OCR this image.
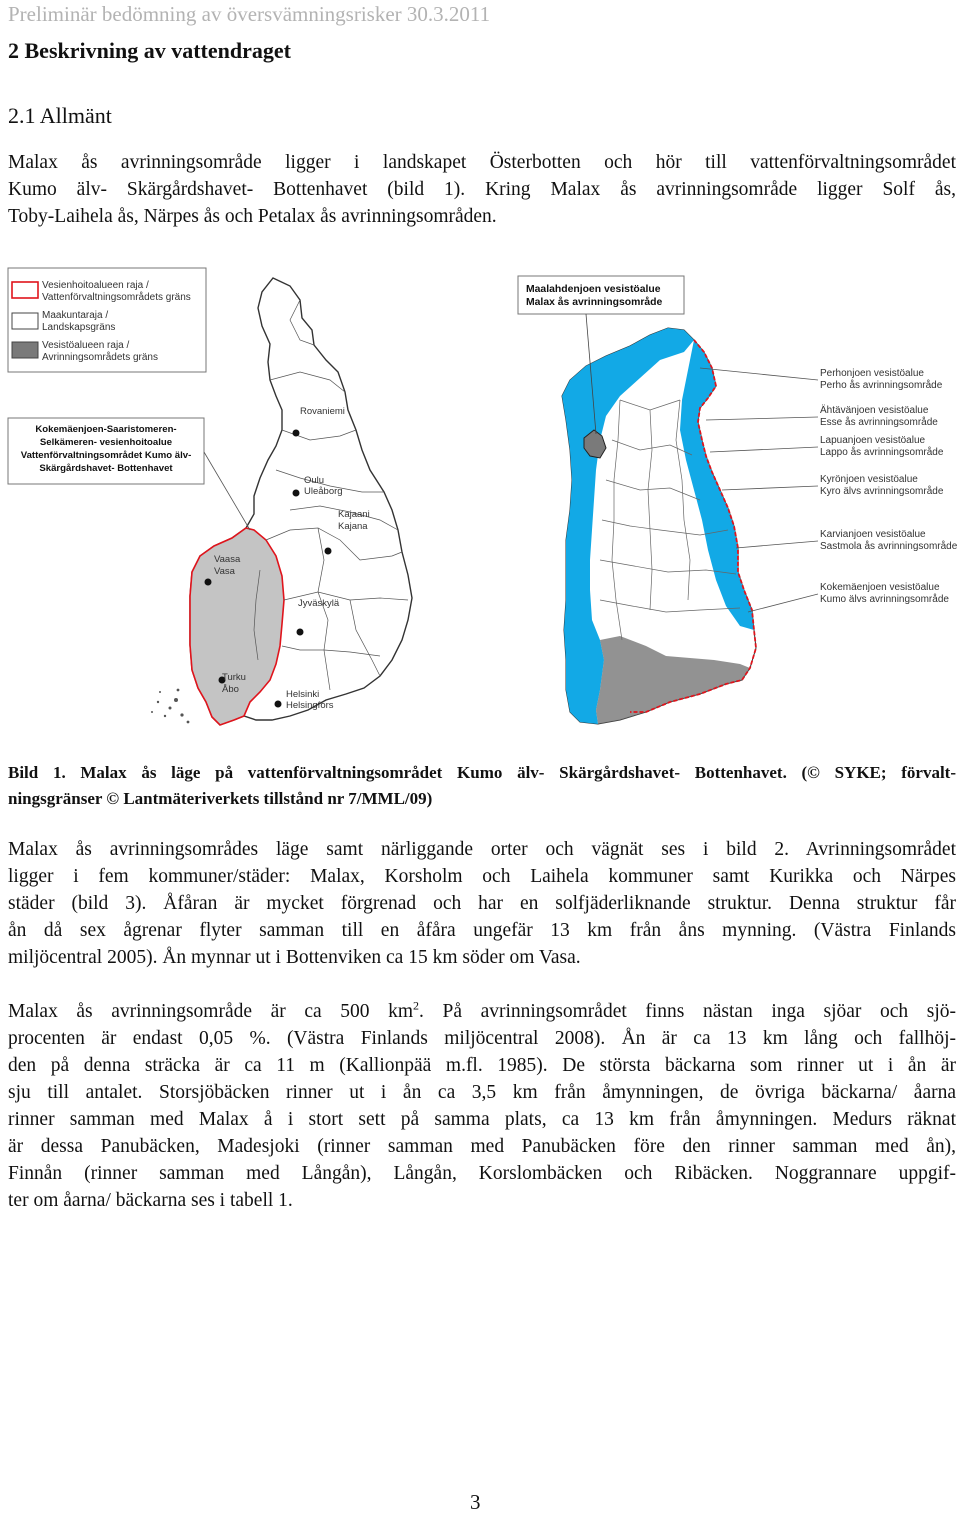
Preliminär bedömning av översvämningsrisker 30.3.2011
2 Beskrivning av vattendraget
2.1 Allmänt
Malax ås avrinningsområde ligger i landskapet Österbotten och hör till vattenförvaltningsområdet
Kumo älv- Skärgårdshavet- Bottenhavet (bild 1). Kring Malax ås avrinningsområde ligger Solf ås,
Toby-Laihela ås, Närpes ås och Petalax ås avrinningsområden.
Rovaniemi
Oulu
Uleåborg
Kajaani
Kajana
Vaasa
Vasa
Jyväskylä
Turku
Åbo	Helsinki
Helsingfors
Vesienhoitoalueen raja /
Vattenförvaltningsområdets gräns
Maakuntaraja /
Landskapsgräns
Vesistöalueen raja /
Avrinningsområdets gräns
Kokemäenjoen-Saaristomeren-
Selkämeren- vesienhoitoalue
Vattenförvaltningsområdet Kumo älv-
Skärgårdshavet- Bottenhavet
Maalahdenjoen vesistöalue
Malax ås avrinningsområde
Perhonjoen vesistöalue
Perho ås avrinningsområde
Ähtävänjoen vesistöalue
Esse ås avrinningsområde
Lapuanjoen vesistöalue
Lappo ås avrinningsområde
Kyrönjoen vesistöalue
Kyro älvs avrinningsområde
Karvianjoen vesistöalue
Sastmola ås avrinningsområde
Kokemäenjoen vesistöalue
Kumo älvs avrinningsområde
Bild 1. Malax ås läge på vattenförvaltningsområdet Kumo älv- Skärgårdshavet- Bottenhavet. (© SYKE; förvalt-
ningsgränser © Lantmäteriverkets tillstånd nr 7/MML/09)
Malax ås avrinningsområdes läge samt närliggande orter och vägnät ses i bild 2. Avrinningsområdet
ligger i fem kommuner/städer: Malax, Korsholm och Laihela kommuner samt Kurikka och Närpes
städer (bild 3). Åfåran är mycket förgrenad och har en solfjäderliknande struktur. Denna struktur får
ån då sex ågrenar flyter samman till en åfåra ungefär 13 km från åns mynning. (Västra Finlands
miljöcentral 2005). Ån mynnar ut i Bottenviken ca 15 km söder om Vasa.
Malax ås avrinningsområde är ca 500 $km^2$. På avrinningsområdet finns nästan inga sjöar och sjö-
procenten är endast 0,05 %. (Västra Finlands miljöcentral 2008). Ån är ca 13 km lång och fallhöj-
den på denna sträcka är ca 11 m (Kallionpää m.fl. 1985). De största bäckarna som rinner ut i ån är
sju till antalet. Storsjöbäcken rinner ut i ån ca 3,5 km från åmynningen, de övriga bäckarna/ åarna
rinner samman med Malax å i stort sett på samma plats, ca 13 km från åmynningen. Medurs räknat
är dessa Panubäcken, Madesjoki (rinner samman med Panubäcken före den rinner samman med ån),
Finnån (rinner samman med Långån), Långån, Korslombäcken och Ribäcken. Noggrannare uppgif-
ter om åarna/ bäckarna ses i tabell 1.
3
